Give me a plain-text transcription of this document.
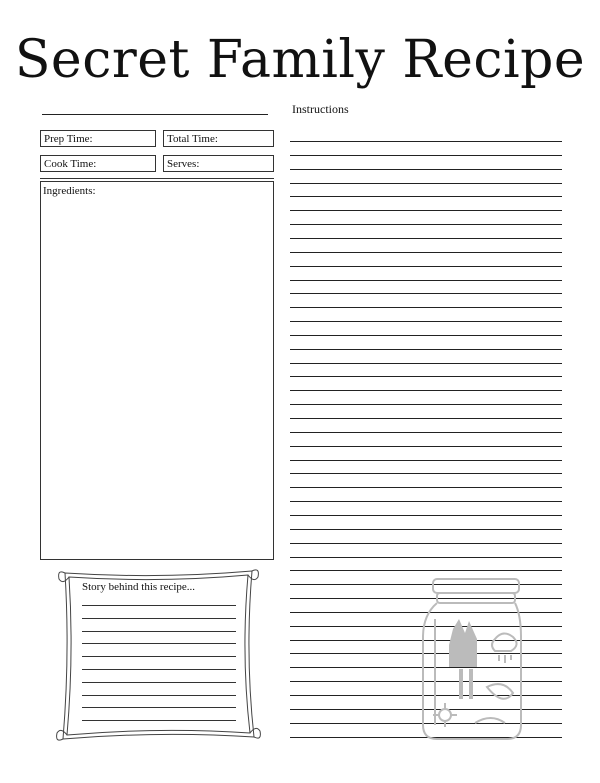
Secret Family Recipe
Prep Time:	Total Time:
Cook Time:	Serves:
Ingredients:
Instructions
Story behind this recipe...
